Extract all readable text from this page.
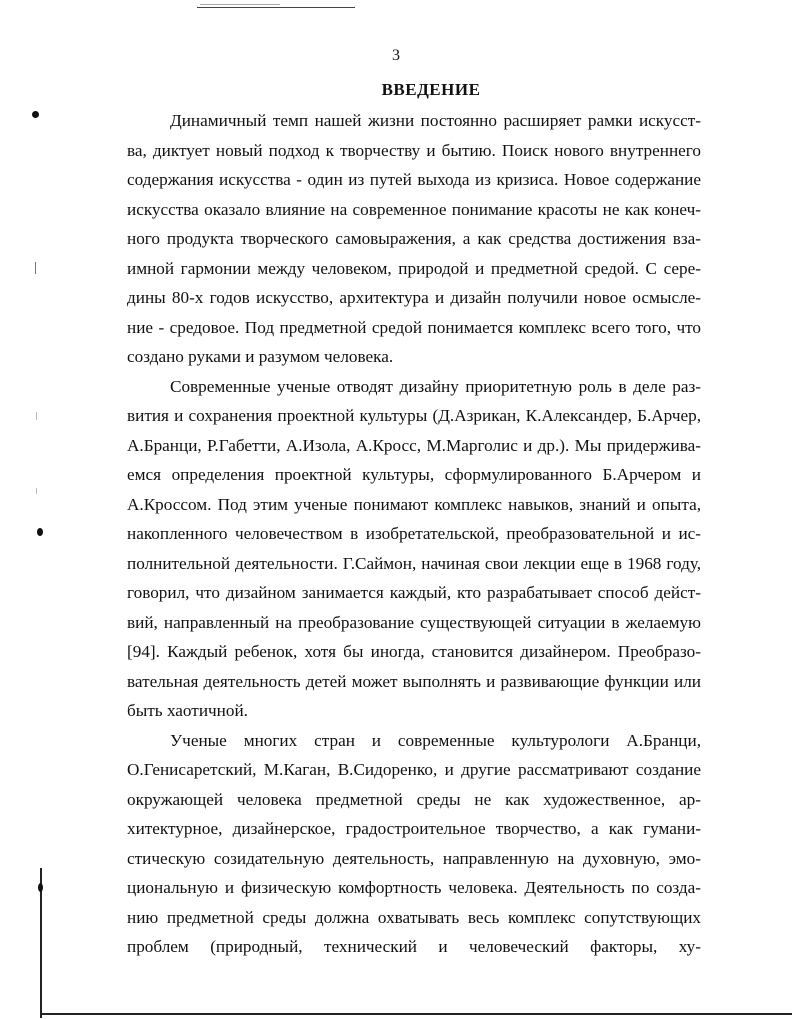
3
ВВЕДЕНИЕ
Динамичный темп нашей жизни постоянно расширяет рамки искусст-
ва, диктует новый подход к творчеству и бытию. Поиск нового внутреннего
содержания искусства - один из путей выхода из кризиса. Новое содержание
искусства оказало влияние на современное понимание красоты не как конеч-
ного продукта творческого самовыражения, а как средства достижения вза-
имной гармонии между человеком, природой и предметной средой. С сере-
дины 80-х годов искусство, архитектура и дизайн получили новое осмысле-
ние - средовое. Под предметной средой понимается комплекс всего того, что
создано руками и разумом человека.
Современные ученые отводят дизайну приоритетную роль в деле раз-
вития и сохранения проектной культуры (Д.Азрикан, К.Александер, Б.Арчер,
А.Бранци, Р.Габетти, А.Изола, А.Кросс, М.Марголис и др.). Мы придержива-
емся определения проектной культуры, сформулированного Б.Арчером и
А.Кроссом. Под этим ученые понимают комплекс навыков, знаний и опыта,
накопленного человечеством в изобретательской, преобразовательной и ис-
полнительной деятельности. Г.Саймон, начиная свои лекции еще в 1968 году,
говорил, что дизайном занимается каждый, кто разрабатывает способ дейст-
вий, направленный на преобразование существующей ситуации в желаемую
[94]. Каждый ребенок, хотя бы иногда, становится дизайнером. Преобразо-
вательная деятельность детей может выполнять и развивающие функции или
быть хаотичной.
Ученые многих стран и современные культурологи А.Бранци,
О.Генисаретский, М.Каган, В.Сидоренко, и другие рассматривают создание
окружающей человека предметной среды не как художественное, ар-
хитектурное, дизайнерское, градостроительное творчество, а как гумани-
стическую созидательную деятельность, направленную на духовную, эмо-
циональную и физическую комфортность человека. Деятельность по созда-
нию предметной среды должна охватывать весь комплекс сопутствующих
проблем (природный, технический и человеческий факторы, ху-
